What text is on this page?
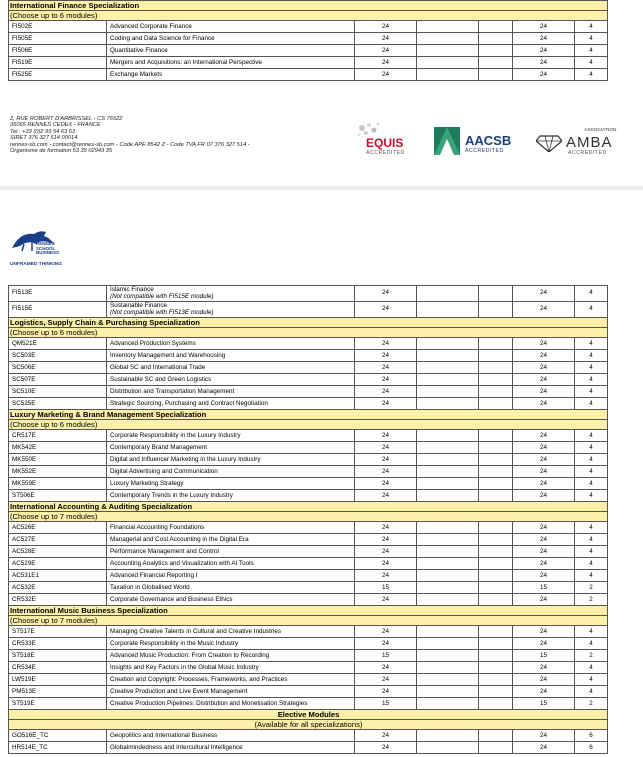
International Finance Specialization						
(Choose up to 6 modules)						
FI502E	Advanced Corporate Finance	24			24	4
FI505E	Coding and Data Science for Finance	24			24	4
FI506E	Quantitative Finance	24			24	4
FI519E	Mergers and Acquisitions: an International Perspective	24			24	4
FI525E	Exchange Markets	24			24	4
2, RUE ROBERT D'ARBRISSEL - CS 76522
35065 RENNES CEDEX - FRANCE
Tel : +33 (0)2 99 54 63 63
SIRET 376 327 514 00014
rennes-sb.com - contact@rennes-sb.com - Code APE 8542 Z - Code TVA FR 07 376 327 514 -
Organisme de formation 53 35 02943 35
EQUIS
ACCREDITED
AACSB
ACCREDITED
ASSOCIATION
AMBA
ACCREDITED
RENNES
SCHOOL
BUSINESS
UNFRAMED THINKING
FI513E	Islamic Finance
(Not compatible with FI515E module)	24			24	4
FI515E	Sustainable Finance
(Not compatible with FI513E module)	24			24	4
Logistics, Supply Chain & Purchasing Specialization						
(Choose up to 6 modules)						
QM521E	Advanced Production Systems	24			24	4
SC503E	Inventory Management and Warehousing	24			24	4
SC506E	Global SC and International Trade	24			24	4
SC507E	Sustainable SC and Green Logistics	24			24	4
SC510E	Distribution and Transportation Management	24			24	4
SC525E	Strategic Sourcing, Purchasing and Contract Negotiation	24			24	4
Luxury Marketing & Brand Management Specialization						
(Choose up to 6 modules)						
CR517E	Corporate Responsibility in the Luxury Industry	24			24	4
MK542E	Contemporary Brand Management	24			24	4
MK550E	Digital and Influencer Marketing in the Luxury Industry	24			24	4
MK552E	Digital Advertising and Communication	24			24	4
MK559E	Luxury Marketing Strategy	24			24	4
ST506E	Contemporary Trends in the Luxury Industry	24			24	4
International Accounting & Auditing Specialization						
(Choose up to 7 modules)						
AC526E	Financial Accounting Foundations	24			24	4
AC527E	Managerial and Cost Accounting in the Digital Era	24			24	4
AC528E	Performance Management and Control	24			24	4
AC529E	Accounting Analytics and Visualization with AI Tools	24			24	4
AC531E1	Advanced Financial Reporting I	24			24	4
AC532E	Taxation in Globalised World	15			15	2
CR532E	Corporate Governance and Business Ethics	24			24	2
International Music Business Specialization						
(Choose up to 7 modules)						
ST517E	Managing Creative Talents in Cultural and Creative Industries	24			24	4
CR533E	Corporate Responsibility in the Music Industry	24			24	4
ST518E	Advanced Music Production: From Creation to Recording	15			15	2
CR534E	Insights and Key Factors in the Global Music Industry	24			24	4
LW519E	Creation and Copyright: Processes, Frameworks, and Practices	24			24	4
PM513E	Creative Production and Live Event Management	24			24	4
ST519E	Creative Production Pipelines: Distribution and Monetisation Strategies	15			15	2
Elective Modules						
(Available for all specializations)						
GO516E_TC	Geopolitics and International Business	24			24	6
HR514E_TC	Globalmindedness and Intercultural Intelligence	24			24	6
